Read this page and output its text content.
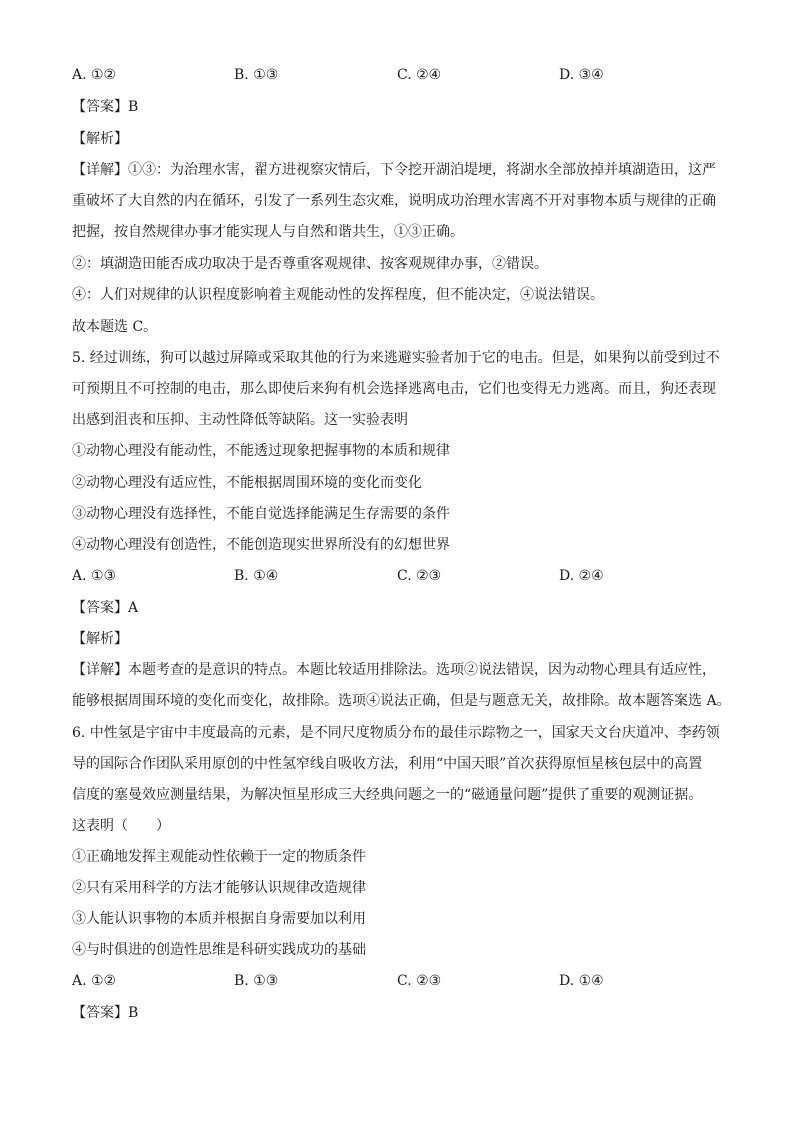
A. ①②	B. ①③	C. ②④	D. ③④
【答案】B
【解析】
【详解】①③：为治理水害，翟方进视察灾情后，下令挖开湖泊堤埂，将湖水全部放掉并填湖造田，这严
重破坏了大自然的内在循环，引发了一系列生态灾难，说明成功治理水害离不开对事物本质与规律的正确
把握，按自然规律办事才能实现人与自然和谐共生，①③正确。
②：填湖造田能否成功取决于是否尊重客观规律、按客观规律办事，②错误。
④：人们对规律的认识程度影响着主观能动性的发挥程度，但不能决定，④说法错误。
故本题选 C。
5. 经过训练，狗可以越过屏障或采取其他的行为来逃避实验者加于它的电击。但是，如果狗以前受到过不
可预期且不可控制的电击，那么即使后来狗有机会选择逃离电击，它们也变得无力逃离。而且，狗还表现
出感到沮丧和压抑、主动性降低等缺陷。这一实验表明
①动物心理没有能动性，不能透过现象把握事物的本质和规律
②动物心理没有适应性，不能根据周围环境的变化而变化
③动物心理没有选择性，不能自觉选择能满足生存需要的条件
④动物心理没有创造性，不能创造现实世界所没有的幻想世界
A. ①③	B. ①④	C. ②③	D. ②④
【答案】A
【解析】
【详解】本题考查的是意识的特点。本题比较适用排除法。选项②说法错误，因为动物心理具有适应性，
能够根据周围环境的变化而变化，故排除。选项④说法正确，但是与题意无关，故排除。故本题答案选 A。
6. 中性氢是宇宙中丰度最高的元素，是不同尺度物质分布的最佳示踪物之一，国家天文台庆道冲、李药领
导的国际合作团队采用原创的中性氢窄线自吸收方法，利用“中国天眼”首次获得原恒星核包层中的高置
信度的塞曼效应测量结果，为解决恒星形成三大经典问题之一的“磁通量问题”提供了重要的观测证据。
这表明（　　）
①正确地发挥主观能动性依赖于一定的物质条件
②只有采用科学的方法才能够认识规律改造规律
③人能认识事物的本质并根据自身需要加以利用
④与时俱进的创造性思维是科研实践成功的基础
A. ①②	B. ①③	C. ②③	D. ①④
【答案】B
